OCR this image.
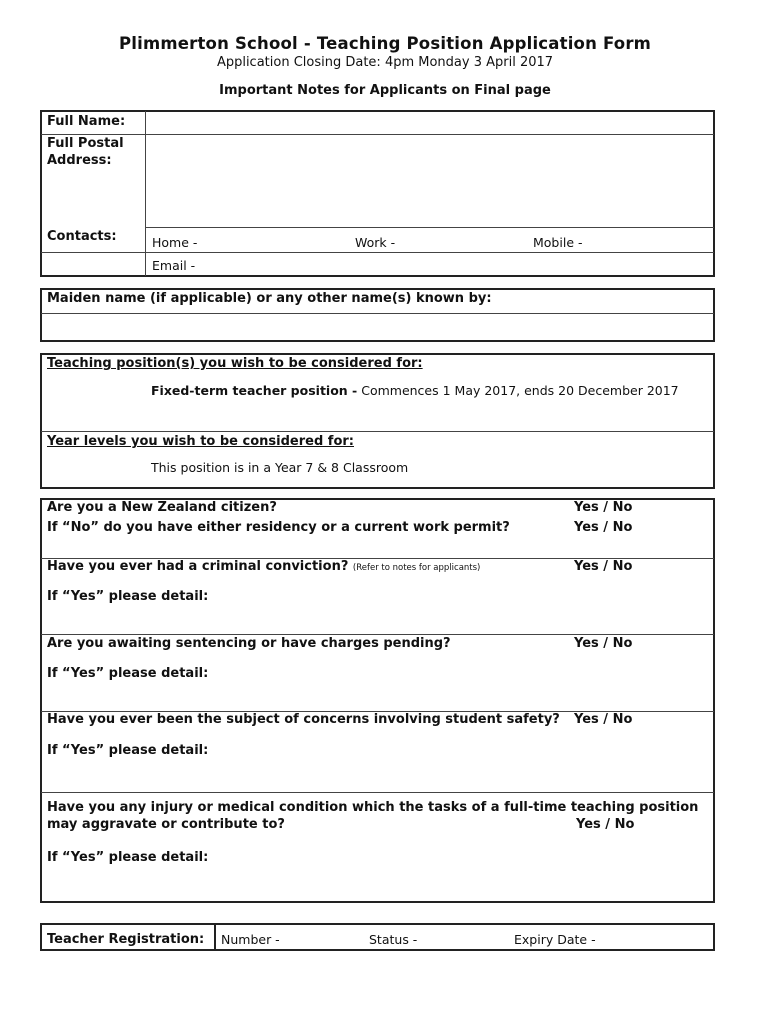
Plimmerton School - Teaching Position Application Form
Application Closing Date: 4pm Monday 3 April 2017
Important Notes for Applicants on Final page
Full Name:
Full Postal
Address:
Contacts:	Home -	Work -	Mobile -
Email -
Maiden name (if applicable) or any other name(s) known by:
Teaching position(s) you wish to be considered for:
Fixed-term teacher position - Commences 1 May 2017, ends 20 December 2017
Year levels you wish to be considered for:
This position is in a Year 7 & 8 Classroom
Are you a New Zealand citizen?	Yes / No
If “No” do you have either residency or a current work permit?	Yes / No
Have you ever had a criminal conviction? (Refer to notes for applicants)	Yes / No
If “Yes” please detail:
Are you awaiting sentencing or have charges pending?	Yes / No
If “Yes” please detail:
Have you ever been the subject of concerns involving student safety? Yes / No
If “Yes” please detail:
Have you any injury or medical condition which the tasks of a full-time teaching position
may aggravate or contribute to?	Yes / No
If “Yes” please detail:
Teacher Registration: Number -	Status -	Expiry Date -
